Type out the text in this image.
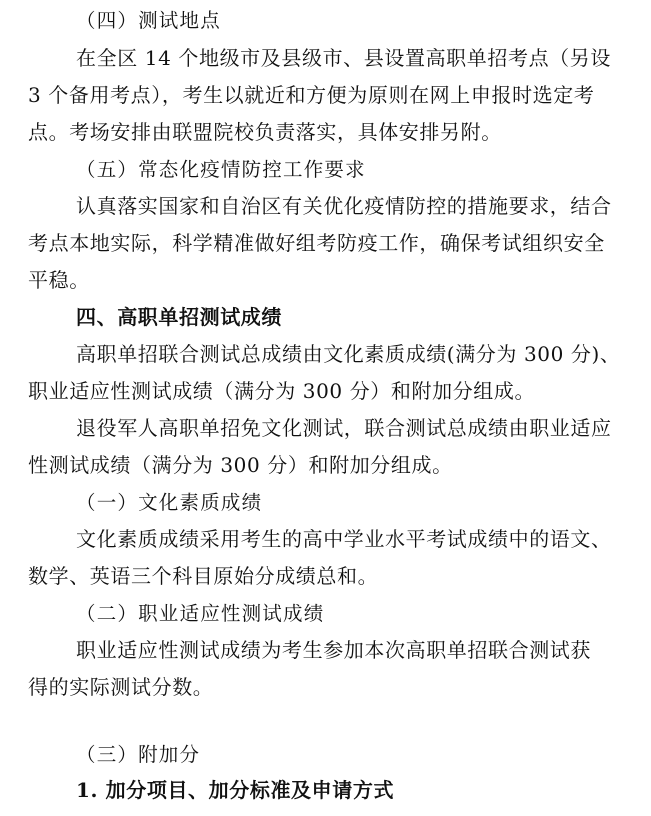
（四）测试地点
在全区 14 个地级市及县级市、县设置高职单招考点（另设
3 个备用考点），考生以就近和方便为原则在网上申报时选定考
点。考场安排由联盟院校负责落实，具体安排另附。
（五）常态化疫情防控工作要求
认真落实国家和自治区有关优化疫情防控的措施要求，结合
考点本地实际，科学精准做好组考防疫工作，确保考试组织安全
平稳。
四、高职单招测试成绩
高职单招联合测试总成绩由文化素质成绩(满分为 300 分)、
职业适应性测试成绩（满分为 300 分）和附加分组成。
退役军人高职单招免文化测试，联合测试总成绩由职业适应
性测试成绩（满分为 300 分）和附加分组成。
（一）文化素质成绩
文化素质成绩采用考生的高中学业水平考试成绩中的语文、
数学、英语三个科目原始分成绩总和。
（二）职业适应性测试成绩
职业适应性测试成绩为考生参加本次高职单招联合测试获
得的实际测试分数。
（三）附加分
1. 加分项目、加分标准及申请方式
